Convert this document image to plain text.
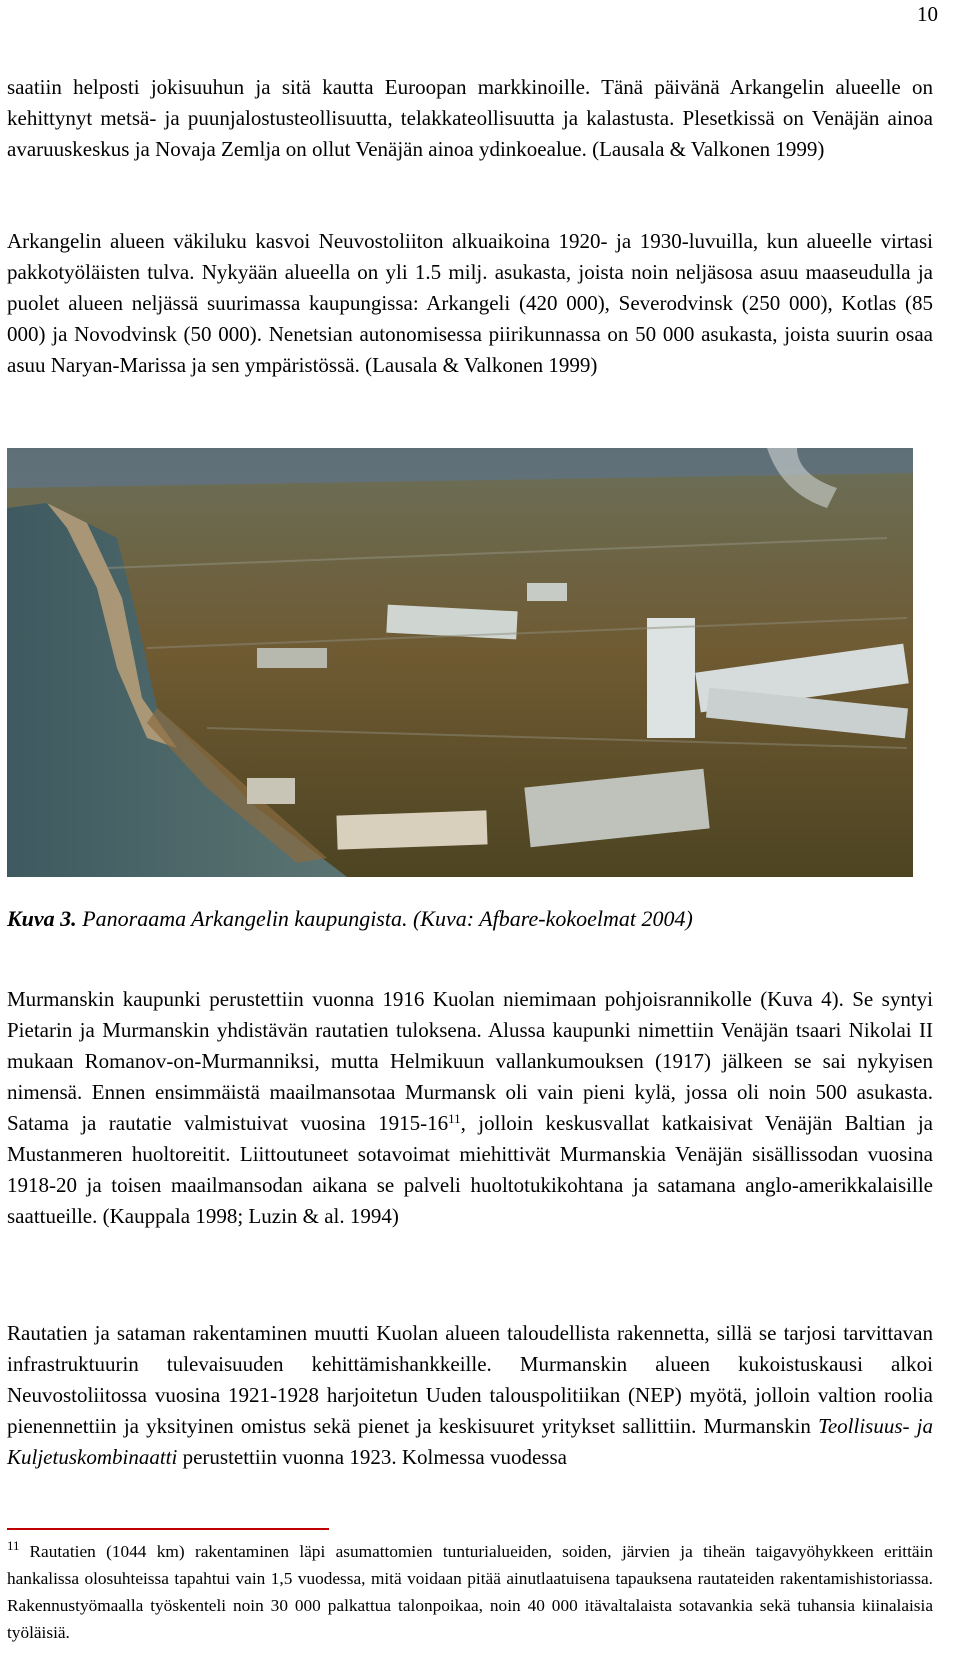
10

saatiin helposti jokisuuhun ja sitä kautta Euroopan markkinoille. Tänä päivänä Arkangelin alueelle on kehittynyt metsä- ja puunjalostusteollisuutta, telakkateollisuutta ja kalastusta. Plesetkissä on Venäjän ainoa avaruuskeskus ja Novaja Zemlja on ollut Venäjän ainoa ydinkoealue. (Lausala & Valkonen 1999)

Arkangelin alueen väkiluku kasvoi Neuvostoliiton alkuaikoina 1920- ja 1930-luvuilla, kun alueelle virtasi pakkotyöläisten tulva. Nykyään alueella on yli 1.5 milj. asukasta, joista noin neljäsosa asuu maaseudulla ja puolet alueen neljässä suurimassa kaupungissa: Arkangeli (420 000), Severodvinsk (250 000), Kotlas (85 000) ja Novodvinsk (50 000). Nenetsian autonomisessa piirikunnassa on 50 000 asukasta, joista suurin osaa asuu Naryan-Marissa ja sen ympäristössä. (Lausala & Valkonen 1999)

Kuva 3. Panoraama Arkangelin kaupungista. (Kuva: Afbare-kokoelmat 2004)

Murmanskin kaupunki perustettiin vuonna 1916 Kuolan niemimaan pohjoisrannikolle (Kuva 4). Se syntyi Pietarin ja Murmanskin yhdistävän rautatien tuloksena. Alussa kaupunki nimettiin Venäjän tsaari Nikolai II mukaan Romanov-on-Murmanniksi, mutta Helmikuun vallankumouksen (1917) jälkeen se sai nykyisen nimensä. Ennen ensimmäistä maailmansotaa Murmansk oli vain pieni kylä, jossa oli noin 500 asukasta. Satama ja rautatie valmistuivat vuosina $1915-16^{11}$, jolloin keskusvallat katkaisivat Venäjän Baltian ja Mustanmeren huoltoreitit. Liittoutuneet sotavoimat miehittivät Murmanskia Venäjän sisällissodan vuosina 1918-20 ja toisen maailmansodan aikana se palveli huoltotukikohtana ja satamana anglo-amerikkalaisille saattueille. (Kauppala 1998; Luzin & al. 1994)

Rautatien ja sataman rakentaminen muutti Kuolan alueen taloudellista rakennetta, sillä se tarjosi tarvittavan infrastruktuurin tulevaisuuden kehittämishankkeille. Murmanskin alueen kukoistuskausi alkoi Neuvostoliitossa vuosina 1921-1928 harjoitetun Uuden talouspolitiikan (NEP) myötä, jolloin valtion roolia pienennettiin ja yksityinen omistus sekä pienet ja keskisuuret yritykset sallittiin. Murmanskin Teollisuus- ja Kuljetuskombinaatti perustettiin vuonna 1923. Kolmessa vuodessa

$^{11}$ Rautatien (1044 km) rakentaminen läpi asumattomien tunturialueiden, soiden, järvien ja tiheän taigavyöhykkeen erittäin hankalissa olosuhteissa tapahtui vain 1,5 vuodessa, mitä voidaan pitää ainutlaatuisena tapauksena rautateiden rakentamishistoriassa. Rakennustyömaalla työskenteli noin 30 000 palkattua talonpoikaa, noin 40 000 itävaltalaista sotavankia sekä tuhansia kiinalaisia työläisiä.
